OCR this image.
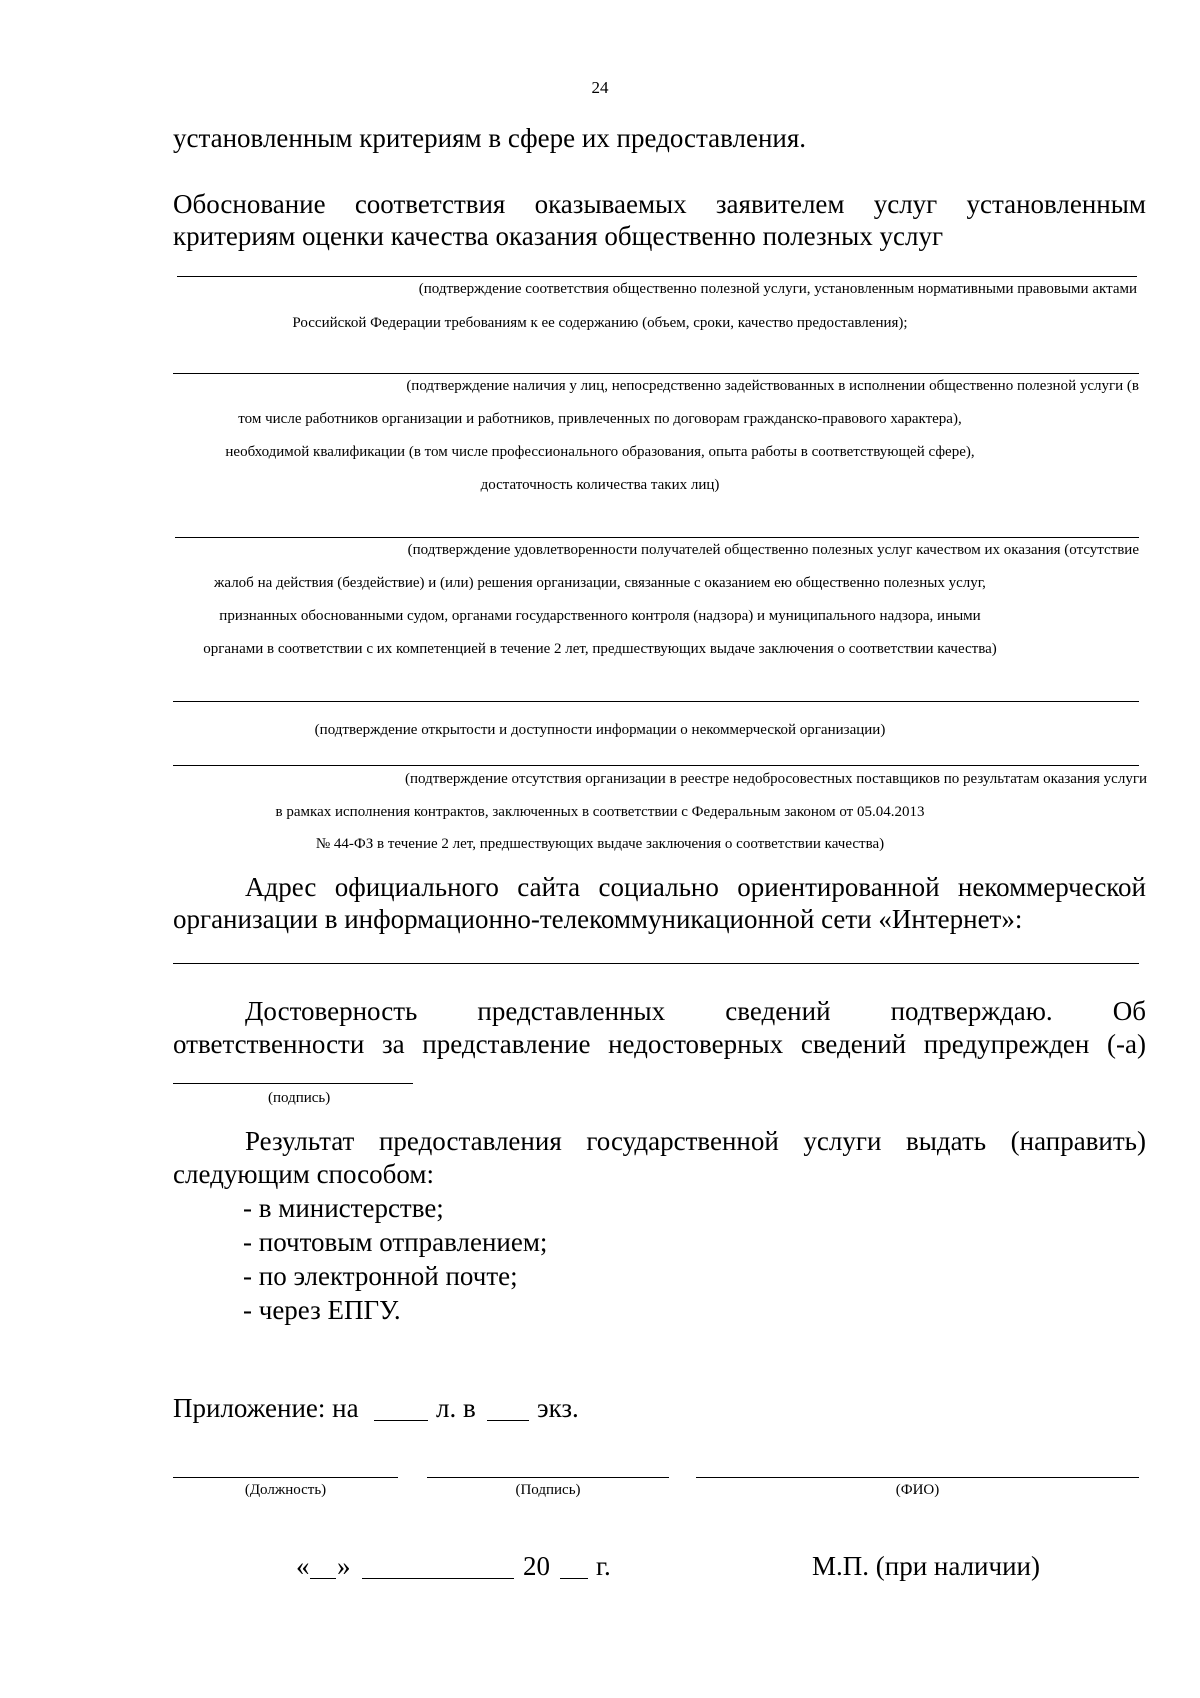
24
установленным критериям в сфере их предоставления.
Обоснование соответствия оказываемых заявителем услуг установленным
критериям оценки качества оказания общественно полезных услуг
(подтверждение соответствия общественно полезной услуги, установленным нормативными правовыми актами
Российской Федерации требованиям к ее содержанию (объем, сроки, качество предоставления);
(подтверждение наличия у лиц, непосредственно задействованных в исполнении общественно полезной услуги (в
том числе работников организации и работников, привлеченных по договорам гражданско-правового характера),
необходимой квалификации (в том числе профессионального образования, опыта работы в соответствующей сфере),
достаточность количества таких лиц)
(подтверждение удовлетворенности получателей общественно полезных услуг качеством их оказания (отсутствие
жалоб на действия (бездействие) и (или) решения организации, связанные с оказанием ею общественно полезных услуг,
признанных обоснованными судом, органами государственного контроля (надзора) и муниципального надзора, иными
органами в соответствии с их компетенцией в течение 2 лет, предшествующих выдаче заключения о соответствии качества)
(подтверждение открытости и доступности информации о некоммерческой организации)
(подтверждение отсутствия организации в реестре недобросовестных поставщиков по результатам оказания услуги
в рамках исполнения контрактов, заключенных в соответствии с Федеральным законом от 05.04.2013
№ 44-ФЗ в течение 2 лет, предшествующих выдаче заключения о соответствии качества)
Адрес официального сайта социально ориентированной некоммерческой
организации в информационно-телекоммуникационной сети «Интернет»:
Достоверность представленных сведений подтверждаю. Об
ответственности за представление недостоверных сведений предупрежден (-а)
(подпись)
Результат предоставления государственной услуги выдать (направить)
следующим способом:
- в министерстве;
- почтовым отправлением;
- по электронной почте;
- через ЕПГУ.
Приложение: на	л. в экз.
(Должность)	(Подпись)	(ФИО)
« »	20 г.	М.П. (при наличии)
